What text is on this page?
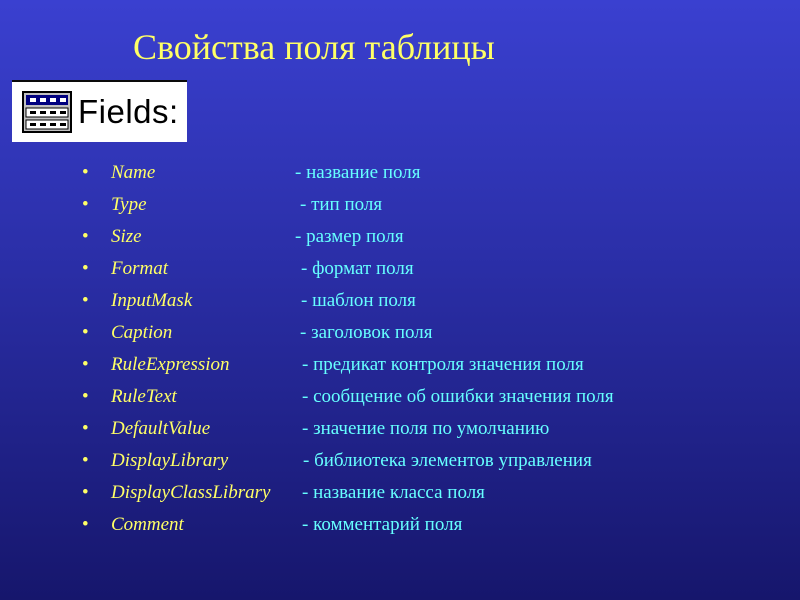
Свойства поля таблицы
Fields:
• Name	- название поля
• Type	- тип поля
• Size	- размер поля
• Format	- формат поля
• InputMask	- шаблон поля
• Caption	- заголовок поля
• RuleExpression	- предикат контроля значения поля
• RuleText	- сообщение об ошибки значения поля
• DefaultValue	- значение поля по умолчанию
• DisplayLibrary	- библиотека элементов управления
• DisplayClassLibrary - название класса поля
• Comment	- комментарий поля
